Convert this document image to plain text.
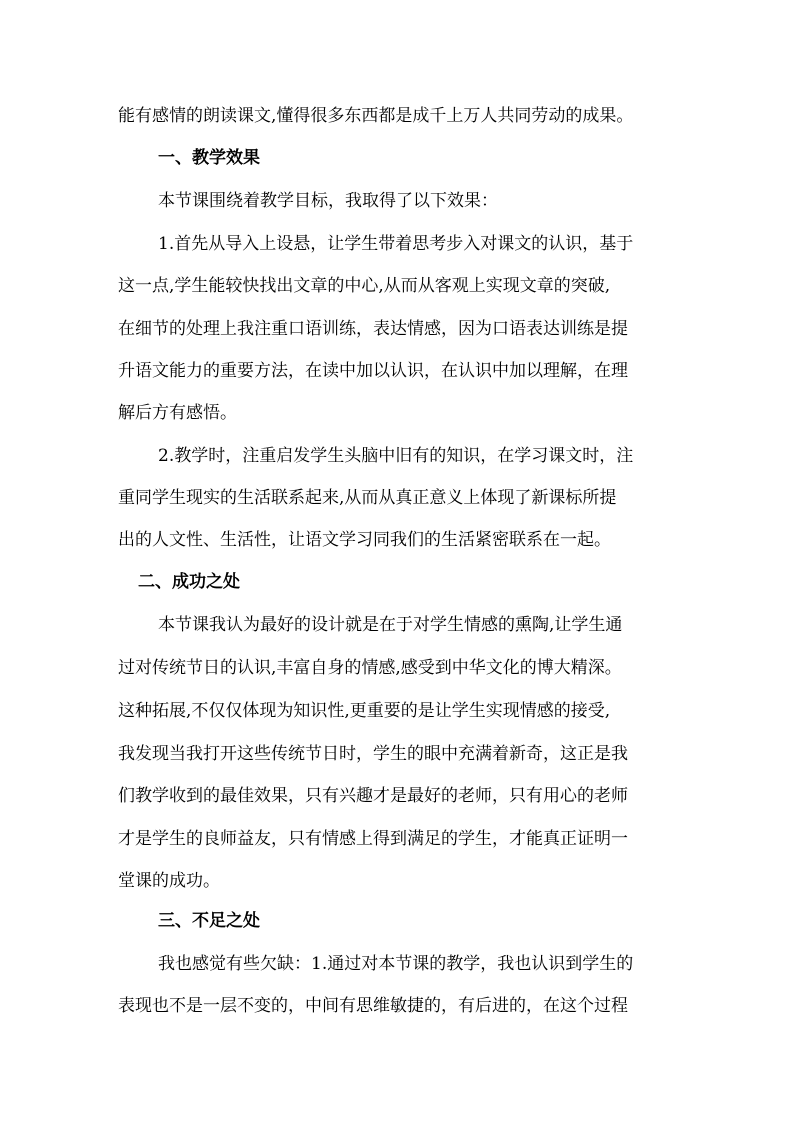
能有感情的朗读课文,懂得很多东西都是成千上万人共同劳动的成果。
一、教学效果
本节课围绕着教学目标，我取得了以下效果：
1.首先从导入上设悬，让学生带着思考步入对课文的认识，基于
这一点,学生能较快找出文章的中心,从而从客观上实现文章的突破,
在细节的处理上我注重口语训练，表达情感，因为口语表达训练是提
升语文能力的重要方法，在读中加以认识，在认识中加以理解，在理
解后方有感悟。
2.教学时，注重启发学生头脑中旧有的知识，在学习课文时，注
重同学生现实的生活联系起来,从而从真正意义上体现了新课标所提
出的人文性、生活性，让语文学习同我们的生活紧密联系在一起。
二、成功之处
本节课我认为最好的设计就是在于对学生情感的熏陶,让学生通
过对传统节日的认识,丰富自身的情感,感受到中华文化的博大精深。
这种拓展,不仅仅体现为知识性,更重要的是让学生实现情感的接受,
我发现当我打开这些传统节日时，学生的眼中充满着新奇，这正是我
们教学收到的最佳效果，只有兴趣才是最好的老师，只有用心的老师
才是学生的良师益友，只有情感上得到满足的学生，才能真正证明一
堂课的成功。
三、不足之处
我也感觉有些欠缺：1.通过对本节课的教学，我也认识到学生的
表现也不是一层不变的，中间有思维敏捷的，有后进的，在这个过程
